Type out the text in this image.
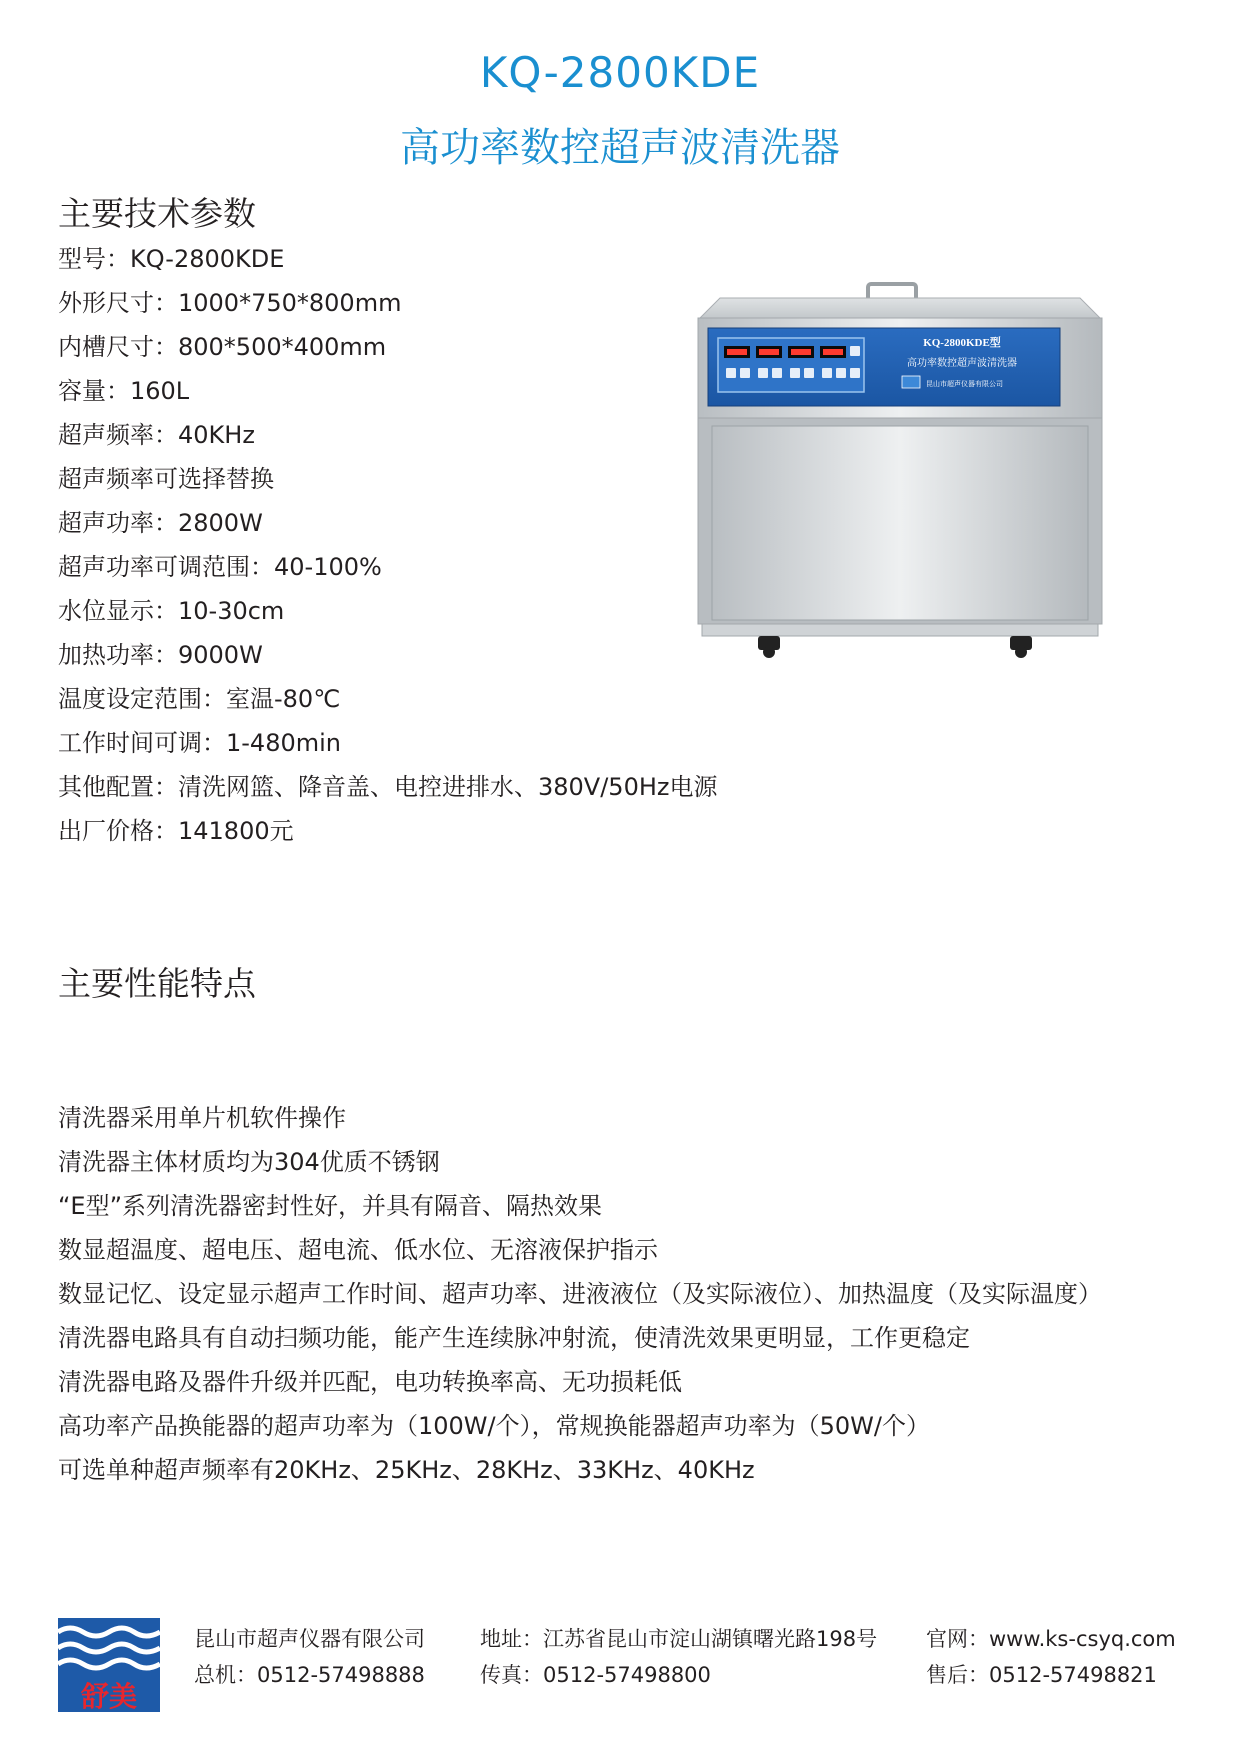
KQ-2800KDE
高功率数控超声波清洗器
主要技术参数
型号：KQ-2800KDE
外形尺寸：1000*750*800mm
内槽尺寸：800*500*400mm
容量：160L
超声频率：40KHz
超声频率可选择替换
超声功率：2800W
超声功率可调范围：40-100%
水位显示：10-30cm
加热功率：9000W
温度设定范围：室温-80℃
工作时间可调：1-480min
其他配置：清洗网篮、降音盖、电控进排水、380V/50Hz电源
出厂价格：141800元
KQ-2800KDE型
高功率数控超声波清洗器
昆山市超声仪器有限公司
主要性能特点
清洗器采用单片机软件操作
清洗器主体材质均为304优质不锈钢
“E型”系列清洗器密封性好，并具有隔音、隔热效果
数显超温度、超电压、超电流、低水位、无溶液保护指示
数显记忆、设定显示超声工作时间、超声功率、进液液位（及实际液位）、加热温度（及实际温度）
清洗器电路具有自动扫频功能，能产生连续脉冲射流，使清洗效果更明显，工作更稳定
清洗器电路及器件升级并匹配，电功转换率高、无功损耗低
高功率产品换能器的超声功率为（100W/个），常规换能器超声功率为（50W/个）
可选单种超声频率有20KHz、25KHz、28KHz、33KHz、40KHz
舒美
昆山市超声仪器有限公司
总机：0512-57498888
地址：江苏省昆山市淀山湖镇曙光路198号
传真：0512-57498800
官网：www.ks-csyq.com
售后：0512-57498821
